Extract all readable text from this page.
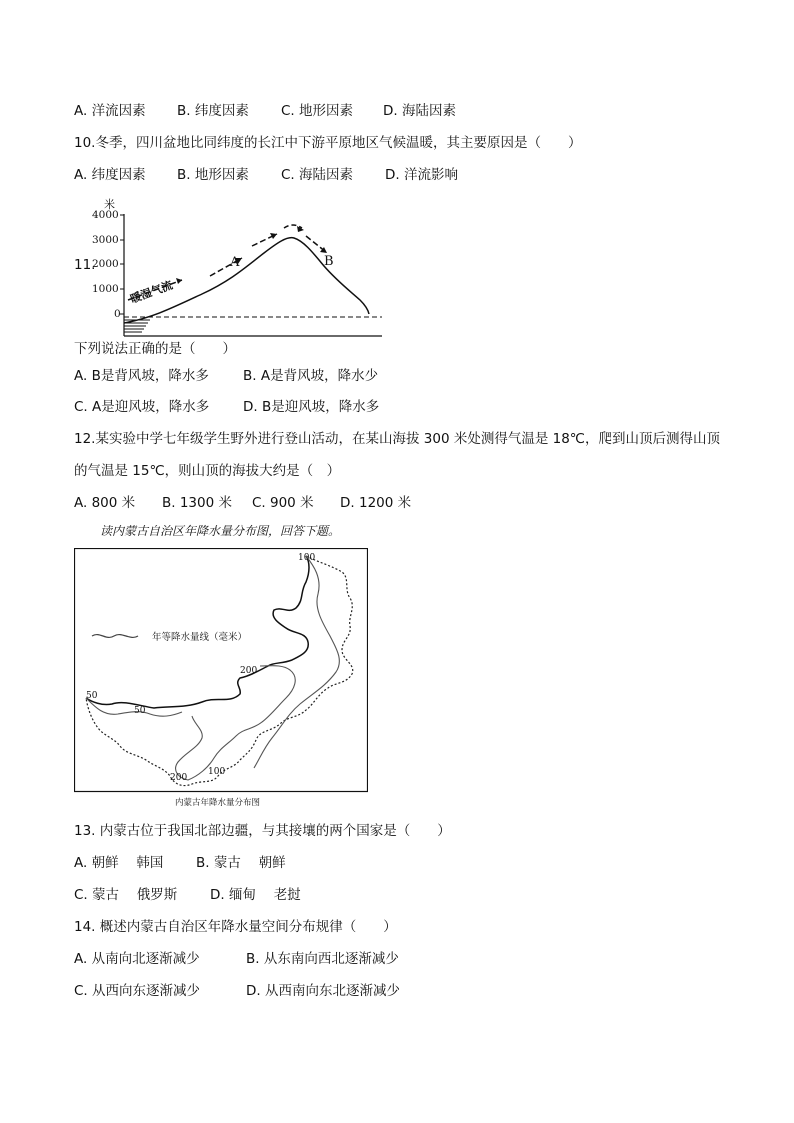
A. 洋流因素 B. 纬度因素 C. 地形因素 D. 海陆因素
10.冬季，四川盆地比同纬度的长江中下游平原地区气候温暖，其主要原因是（　　）
A. 纬度因素 B. 地形因素 C. 海陆因素 D. 洋流影响
11.
米
4000
3000
2000
1000
0
A	B
暖湿气流
下列说法正确的是（　　）
A. B是背风坡，降水多	B. A是背风坡，降水少
C. A是迎风坡，降水多	D. B是迎风坡，降水多
12.某实验中学七年级学生野外进行登山活动，在某山海拔 300 米处测得气温是 18℃，爬到山顶后测得山顶
的气温是 15℃，则山顶的海拔大约是（　）
A. 800 米 B. 1300 米 C. 900 米 D. 1200 米
读内蒙古自治区年降水量分布图，回答下题。
年等降水量线（毫米）
100
200
50
50
200
100
内蒙古年降水量分布图
13. 内蒙古位于我国北部边疆，与其接壤的两个国家是（　　）
A. 朝鲜　 韩国 B. 蒙古　 朝鲜
C. 蒙古　 俄罗斯 D. 缅甸　 老挝
14. 概述内蒙古自治区年降水量空间分布规律（　　）
A. 从南向北逐渐减少	B. 从东南向西北逐渐减少
C. 从西向东逐渐减少	D. 从西南向东北逐渐减少
